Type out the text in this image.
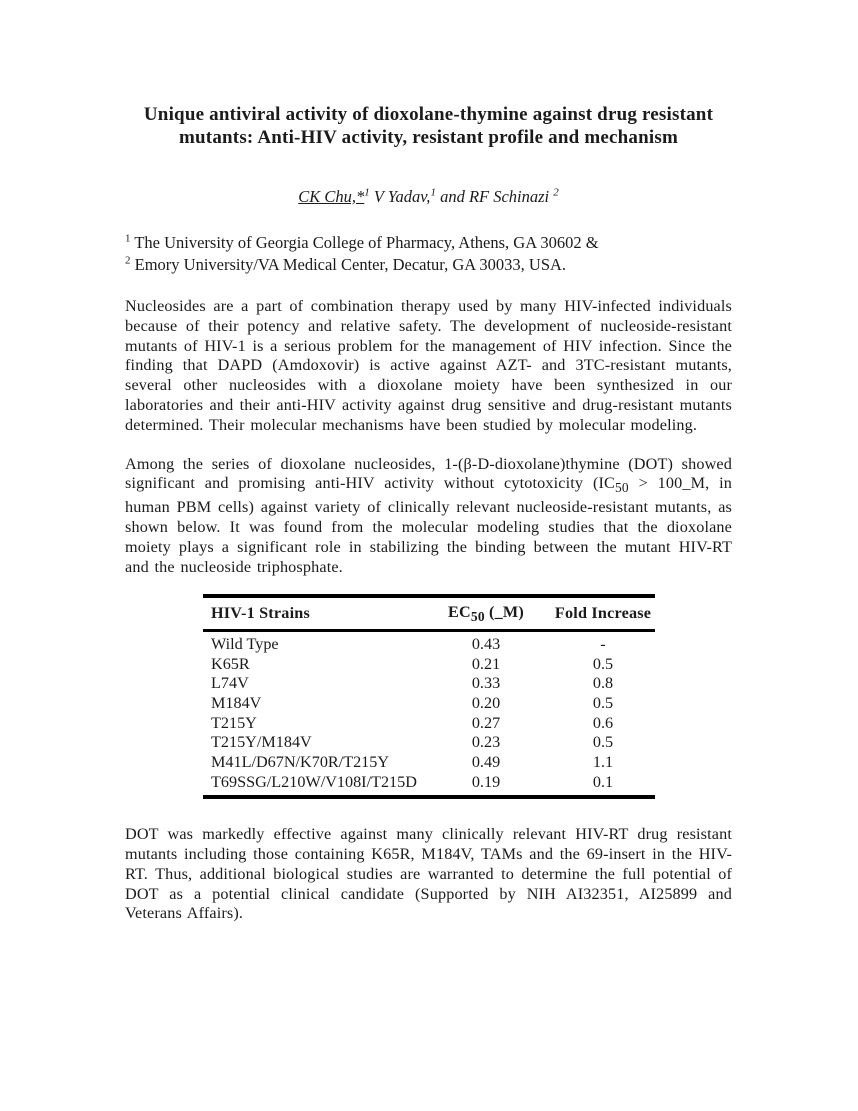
Unique antiviral activity of dioxolane-thymine against drug resistant
mutants: Anti-HIV activity, resistant profile and mechanism
CK Chu,*$^1$ V Yadav,$^1$ and RF Schinazi $^2$
$^1$ The University of Georgia College of Pharmacy, Athens, GA 30602 &
$^2$ Emory University/VA Medical Center, Decatur, GA 30033, USA.

Nucleosides are a part of combination therapy used by many HIV-infected individuals because of their potency and relative safety. The development of nucleoside-resistant mutants of HIV-1 is a serious problem for the management of HIV infection. Since the finding that DAPD (Amdoxovir) is active against AZT- and 3TC-resistant mutants, several other nucleosides with a dioxolane moiety have been synthesized in our laboratories and their anti-HIV activity against drug sensitive and drug-resistant mutants determined. Their molecular mechanisms have been studied by molecular modeling.

Among the series of dioxolane nucleosides, 1-(β-D-dioxolane)thymine (DOT) showed significant and promising anti-HIV activity without cytotoxicity ($IC_{50}$ > 100_M, in human PBM cells) against variety of clinically relevant nucleoside-resistant mutants, as shown below. It was found from the molecular modeling studies that the dioxolane moiety plays a significant role in stabilizing the binding between the mutant HIV-RT and the nucleoside triphosphate.

HIV-1 Strains	$EC_{50}$ (_M)	Fold Increase
Wild Type	0.43	-
K65R	0.21	0.5
L74V	0.33	0.8
M184V	0.20	0.5
T215Y	0.27	0.6
T215Y/M184V	0.23	0.5
M41L/D67N/K70R/T215Y	0.49	1.1
T69SSG/L210W/V108I/T215D	0.19	0.1

DOT was markedly effective against many clinically relevant HIV-RT drug resistant mutants including those containing K65R, M184V, TAMs and the 69-insert in the HIV-RT. Thus, additional biological studies are warranted to determine the full potential of DOT as a potential clinical candidate (Supported by NIH AI32351, AI25899 and Veterans Affairs).
